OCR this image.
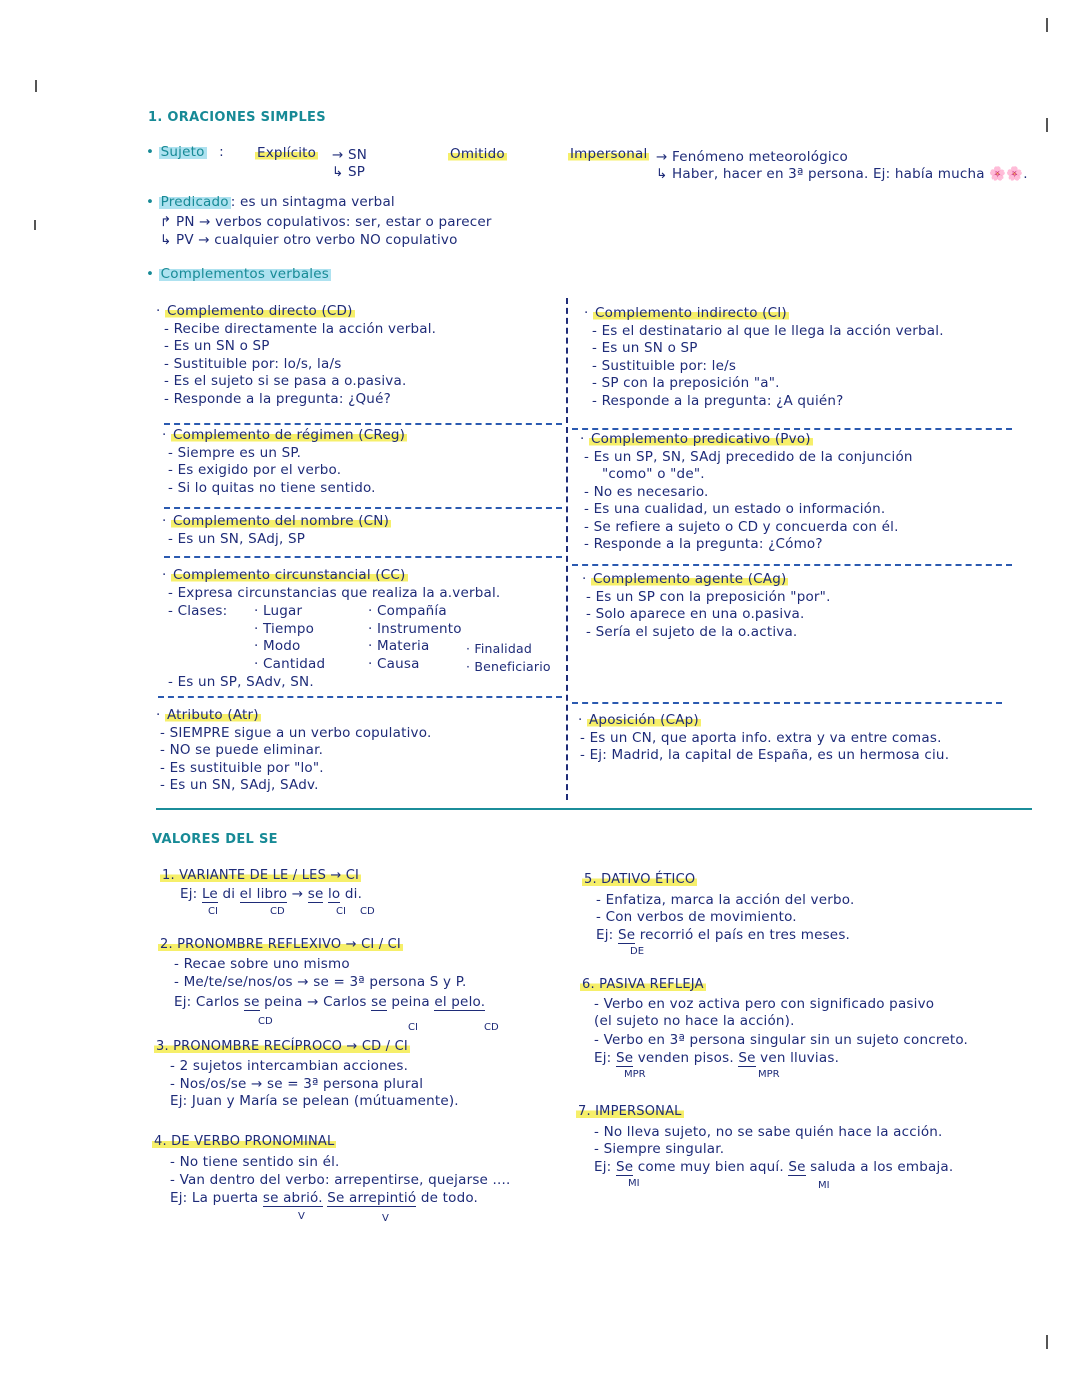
1. ORACIONES SIMPLES
• Sujeto : Explícito → SN
↳ SP
Omitido	Impersonal → Fenómeno meteorológico
↳ Haber, hacer en 3ª persona. Ej: había mucha 🌸🌸.
• Predicado : es un sintagma verbal
↱ PN → verbos copulativos: ser, estar o parecer
↳ PV → cualquier otro verbo NO copulativo
• Complementos verbales
· Complemento directo (CD)
- Recibe directamente la acción verbal.
- Es un SN o SP
- Sustituible por: lo/s, la/s
- Es el sujeto si se pasa a o.pasiva.
- Responde a la pregunta: ¿Qué?
· Complemento indirecto (CI)
- Es el destinatario al que le llega la acción verbal.
- Es un SN o SP
- Sustituible por: le/s
- SP con la preposición "a".
- Responde a la pregunta: ¿A quién?
· Complemento de régimen (CReg)
- Siempre es un SP.
- Es exigido por el verbo.
- Si lo quitas no tiene sentido.
· Complemento predicativo (Pvo)
- Es un SP, SN, SAdj precedido de la conjunción
"como" o "de".
- No es necesario.
- Es una cualidad, un estado o información.
- Se refiere a sujeto o CD y concuerda con él.
- Responde a la pregunta: ¿Cómo?
· Complemento del nombre (CN)
- Es un SN, SAdj, SP
· Complemento circunstancial (CC)
- Expresa circunstancias que realiza la a.verbal.
- Clases: · Lugar
· Tiempo
· Modo
· Cantidad
· Compañía
· Instrumento
· Materia
· Causa
· Finalidad
· Beneficiario
- Es un SP, SAdv, SN.
· Complemento agente (CAg)
- Es un SP con la preposición "por".
- Solo aparece en una o.pasiva.
- Sería el sujeto de la o.activa.
· Atributo (Atr)
- SIEMPRE sigue a un verbo copulativo.
- NO se puede eliminar.
- Es sustituible por "lo".
- Es un SN, SAdj, SAdv.
· Aposición (CAp)
- Es un CN, que aporta info. extra y va entre comas.
- Ej: Madrid, la capital de España, es un hermosa ciu.
VALORES DEL SE
1. VARIANTE DE LE / LES → CI
Ej: Le di el libro → se lo di.
CI	CD	CI CD
2. PRONOMBRE REFLEXIVO → CI / CI
- Recae sobre uno mismo
- Me/te/se/nos/os → se = 3ª persona S y P.
Ej: Carlos se peina → Carlos se peina el pelo.
CD
CI	CD
3. PRONOMBRE RECÍPROCO → CD / CI
- 2 sujetos intercambian acciones.
- Nos/os/se → se = 3ª persona plural
Ej: Juan y María se pelean (mútuamente).
4. DE VERBO PRONOMINAL
- No tiene sentido sin él.
- Van dentro del verbo: arrepentirse, quejarse ....
Ej: La puerta se abrió. Se arrepintió de todo.
V	V
5. DATIVO ÉTICO
- Enfatiza, marca la acción del verbo.
- Con verbos de movimiento.
Ej: Se recorrió el país en tres meses.
DE
6. PASIVA REFLEJA
- Verbo en voz activa pero con significado pasivo
(el sujeto no hace la acción).
- Verbo en 3ª persona singular sin un sujeto concreto.
Ej: Se venden pisos. Se ven lluvias.
MPR	MPR
7. IMPERSONAL
- No lleva sujeto, no se sabe quién hace la acción.
- Siempre singular.
Ej: Se come muy bien aquí. Se saluda a los embaja.
MI	MI
